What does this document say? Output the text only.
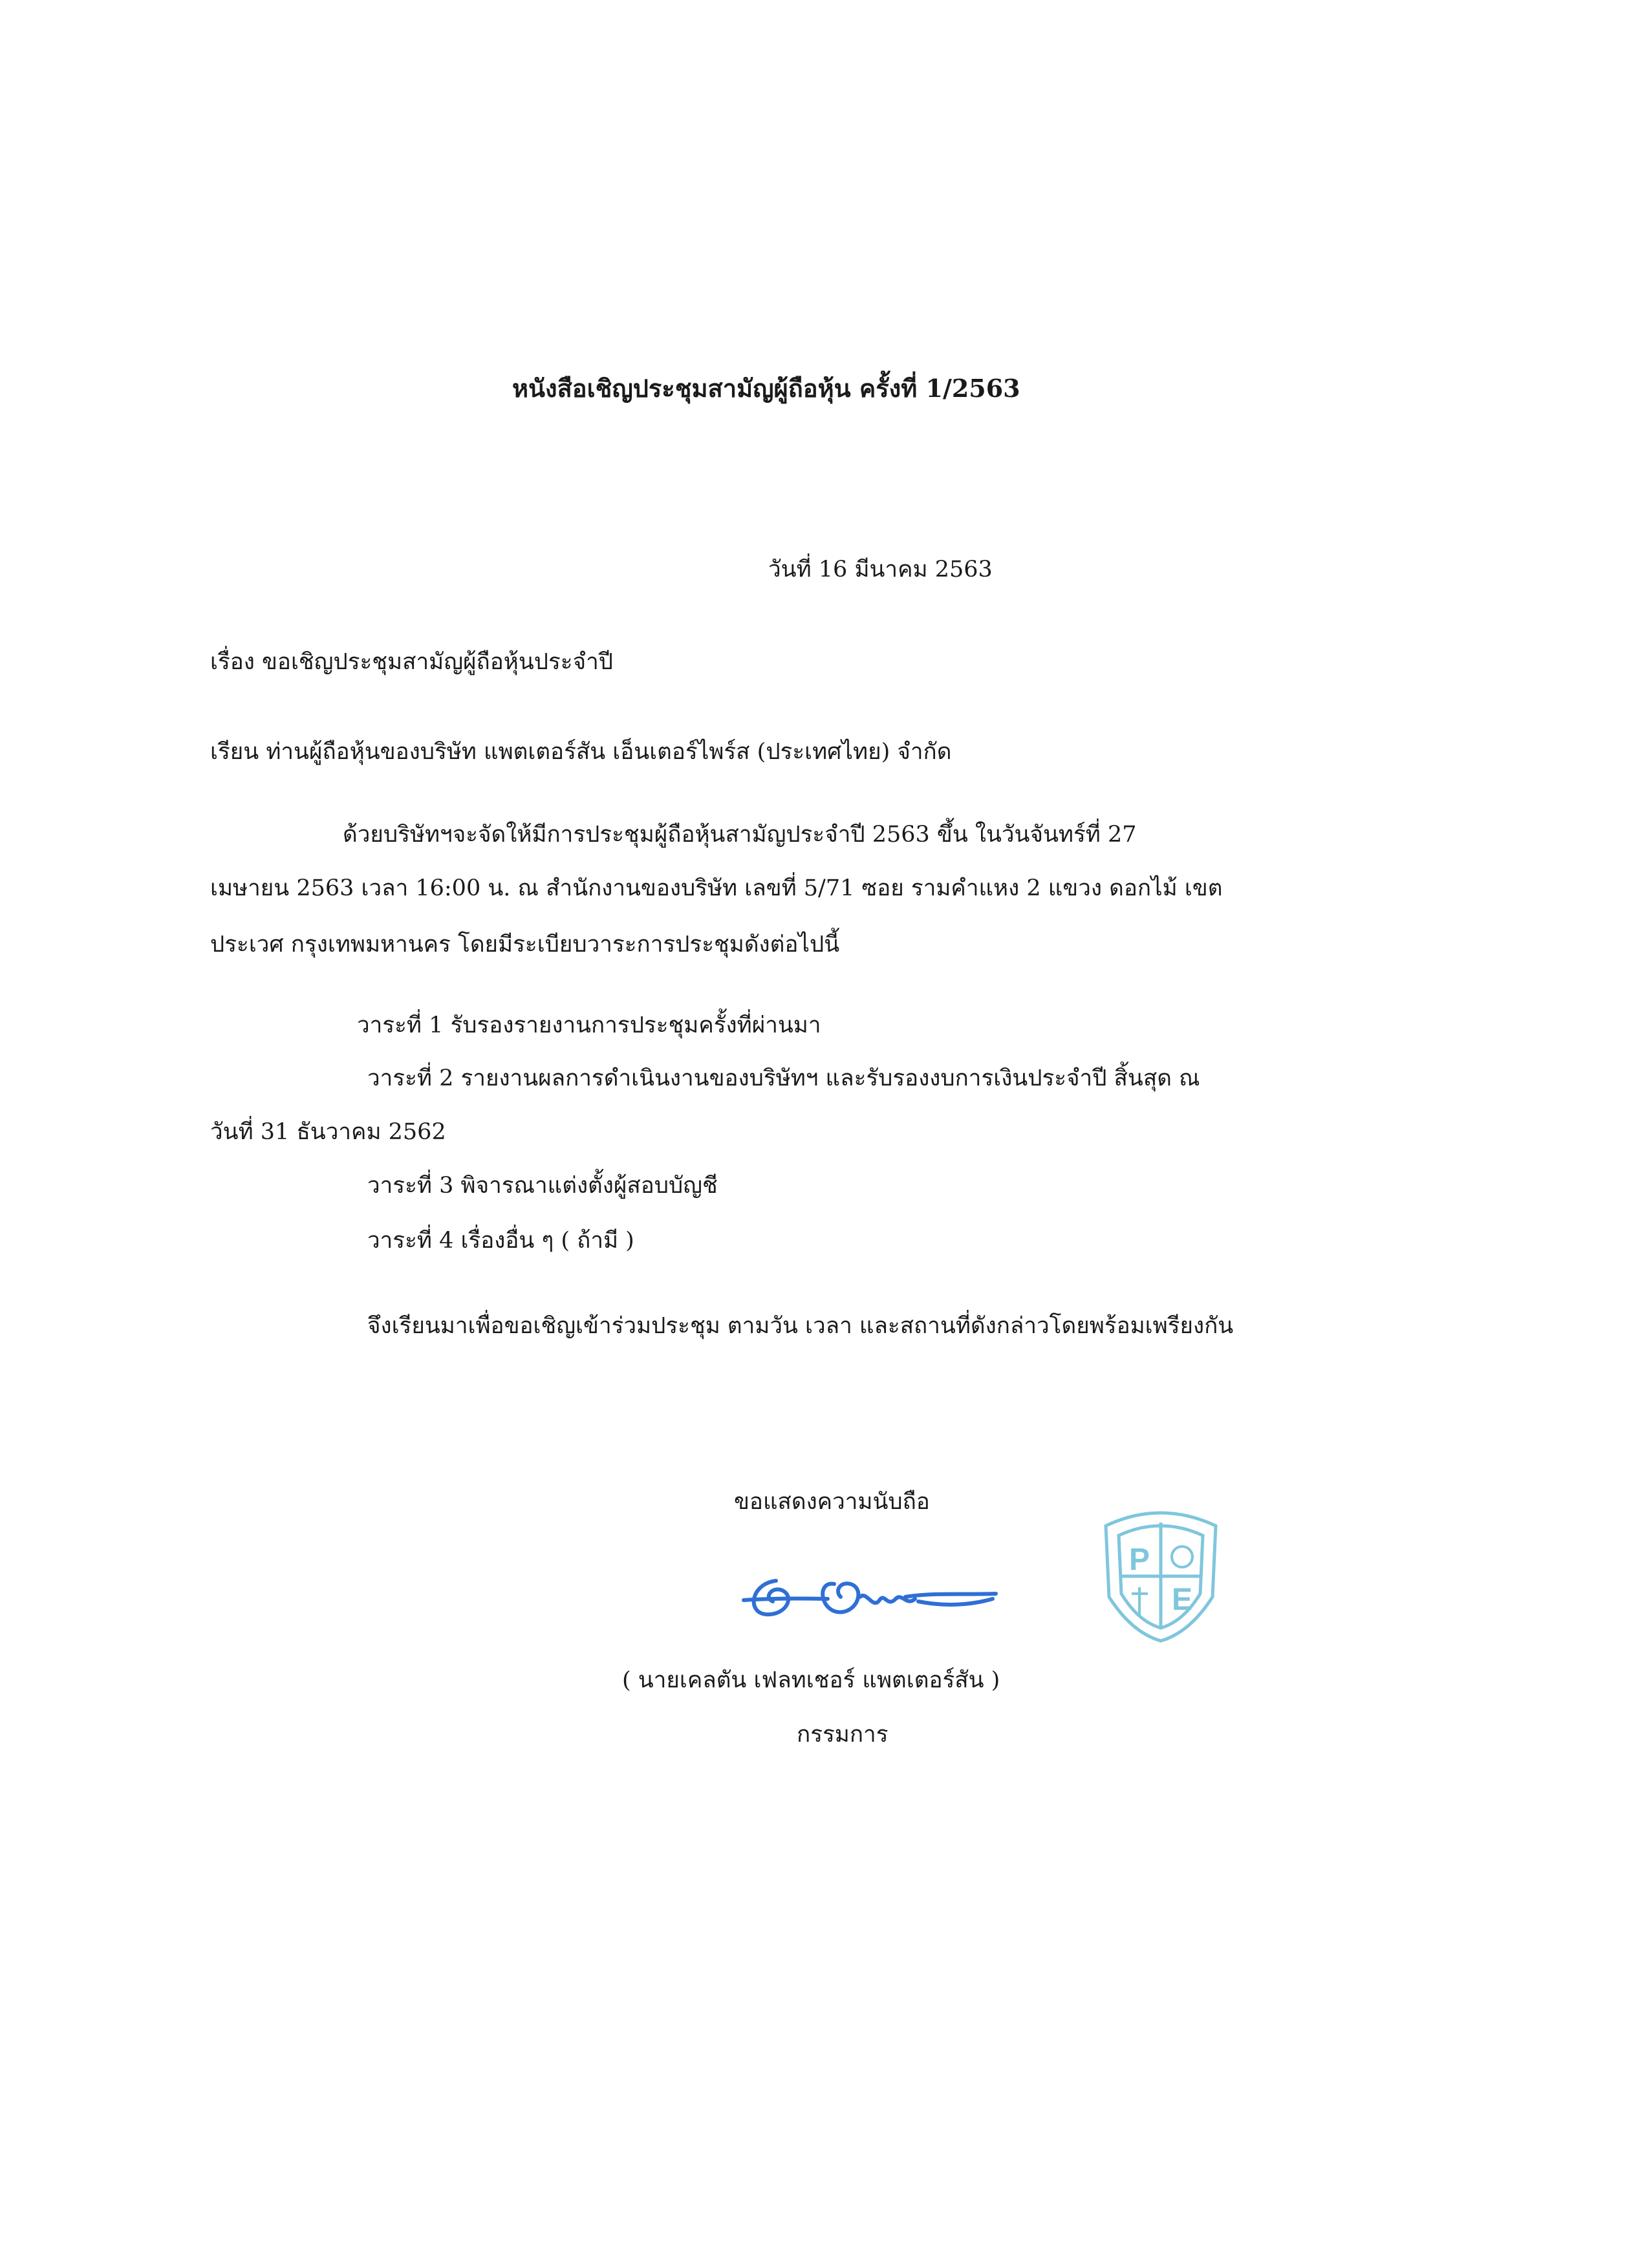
หนังสือเชิญประชุมสามัญผู้ถือหุ้น ครั้งที่ 1/2563
วันที่ 16 มีนาคม 2563
เรื่อง ขอเชิญประชุมสามัญผู้ถือหุ้นประจำปี
เรียน ท่านผู้ถือหุ้นของบริษัท แพตเตอร์สัน เอ็นเตอร์ไพร์ส (ประเทศไทย) จำกัด
ด้วยบริษัทฯจะจัดให้มีการประชุมผู้ถือหุ้นสามัญประจำปี 2563 ขึ้น ในวันจันทร์ที่ 27
เมษายน 2563 เวลา 16:00 น. ณ สำนักงานของบริษัท เลขที่ 5/71 ซอย รามคำแหง 2 แขวง ดอกไม้ เขต
ประเวศ กรุงเทพมหานคร โดยมีระเบียบวาระการประชุมดังต่อไปนี้
วาระที่ 1 รับรองรายงานการประชุมครั้งที่ผ่านมา
วาระที่ 2 รายงานผลการดำเนินงานของบริษัทฯ และรับรองงบการเงินประจำปี สิ้นสุด ณ
วันที่ 31 ธันวาคม 2562
วาระที่ 3 พิจารณาแต่งตั้งผู้สอบบัญชี
วาระที่ 4 เรื่องอื่น ๆ ( ถ้ามี )
จึงเรียนมาเพื่อขอเชิญเข้าร่วมประชุม ตามวัน เวลา และสถานที่ดังกล่าวโดยพร้อมเพรียงกัน
ขอแสดงความนับถือ
P
E
( นายเคลตัน เฟลทเชอร์ แพตเตอร์สัน )
กรรมการ
